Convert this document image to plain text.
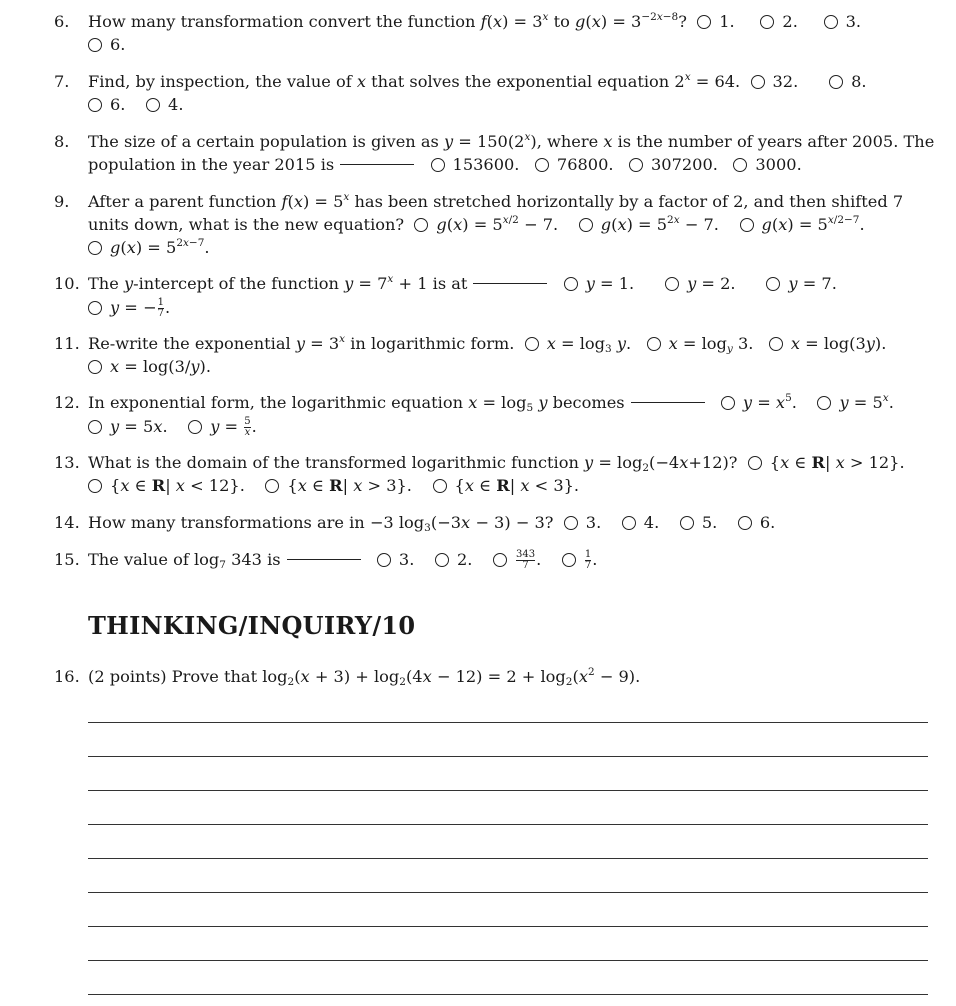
6. How many transformation convert the function $f(x) = 3^x$ to $g(x) = 3^{-2x-8}$?  1.     2.     3.
6.
7. Find, by inspection, the value of x that solves the exponential equation $2^x = 64$.  32.      8.
6.    4.
8. The size of a certain population is given as $y = 150(2^x)$, where x is the number of years after 2005. The
population in the year 2015 is	153600.   76800.   307200.   3000.
9. After a parent function $f(x) = 5^x$ has been stretched horizontally by a factor of 2, and then shifted 7
units down, what is the new equation?  $g(x) = 5^{x/2} - 7$.    $g(x) = 5^{2x} - 7$.    $g(x) = 5^{x/2-7}$.
$g(x) = 5^{2x-7}$.
10. The y-intercept of the function $y = 7^x + 1$ is at	y = 1.      y = 2.      y = 7.
y = − $\frac{1}{7}$ .
11. Re-write the exponential $y = 3^x$ in logarithmic form.  $x = \log_3 y$.   $x = \log_y 3$.   x = log(3y).
x = log(3/y).
12. In exponential form, the logarithmic equation $x = \log_5 y$ becomes	$y = x^5$.    $y = 5^x$.
y = 5x.    $y = \frac{5}{x}$ .
13. What is the domain of the transformed logarithmic function $y = \log_2(-4x+12)$?  {x ∈ R| x > 12}.
{x ∈ R| x < 12}.    {x ∈ R| x > 3}.    {x ∈ R| x < 3}.
14. How many transformations are in −3 $\log_3(-3x - 3) - 3$?  3.    4.    5.    6.
15. The value of $\log_7 343$ is	3.    2. $\frac{343}{7}$ . $\frac{1}{7}$ .
THINKING/INQUIRY/10
16. (2 points) Prove that $\log_2(x + 3) + \log_2(4x - 12) = 2 + \log_2(x^2 - 9)$.
